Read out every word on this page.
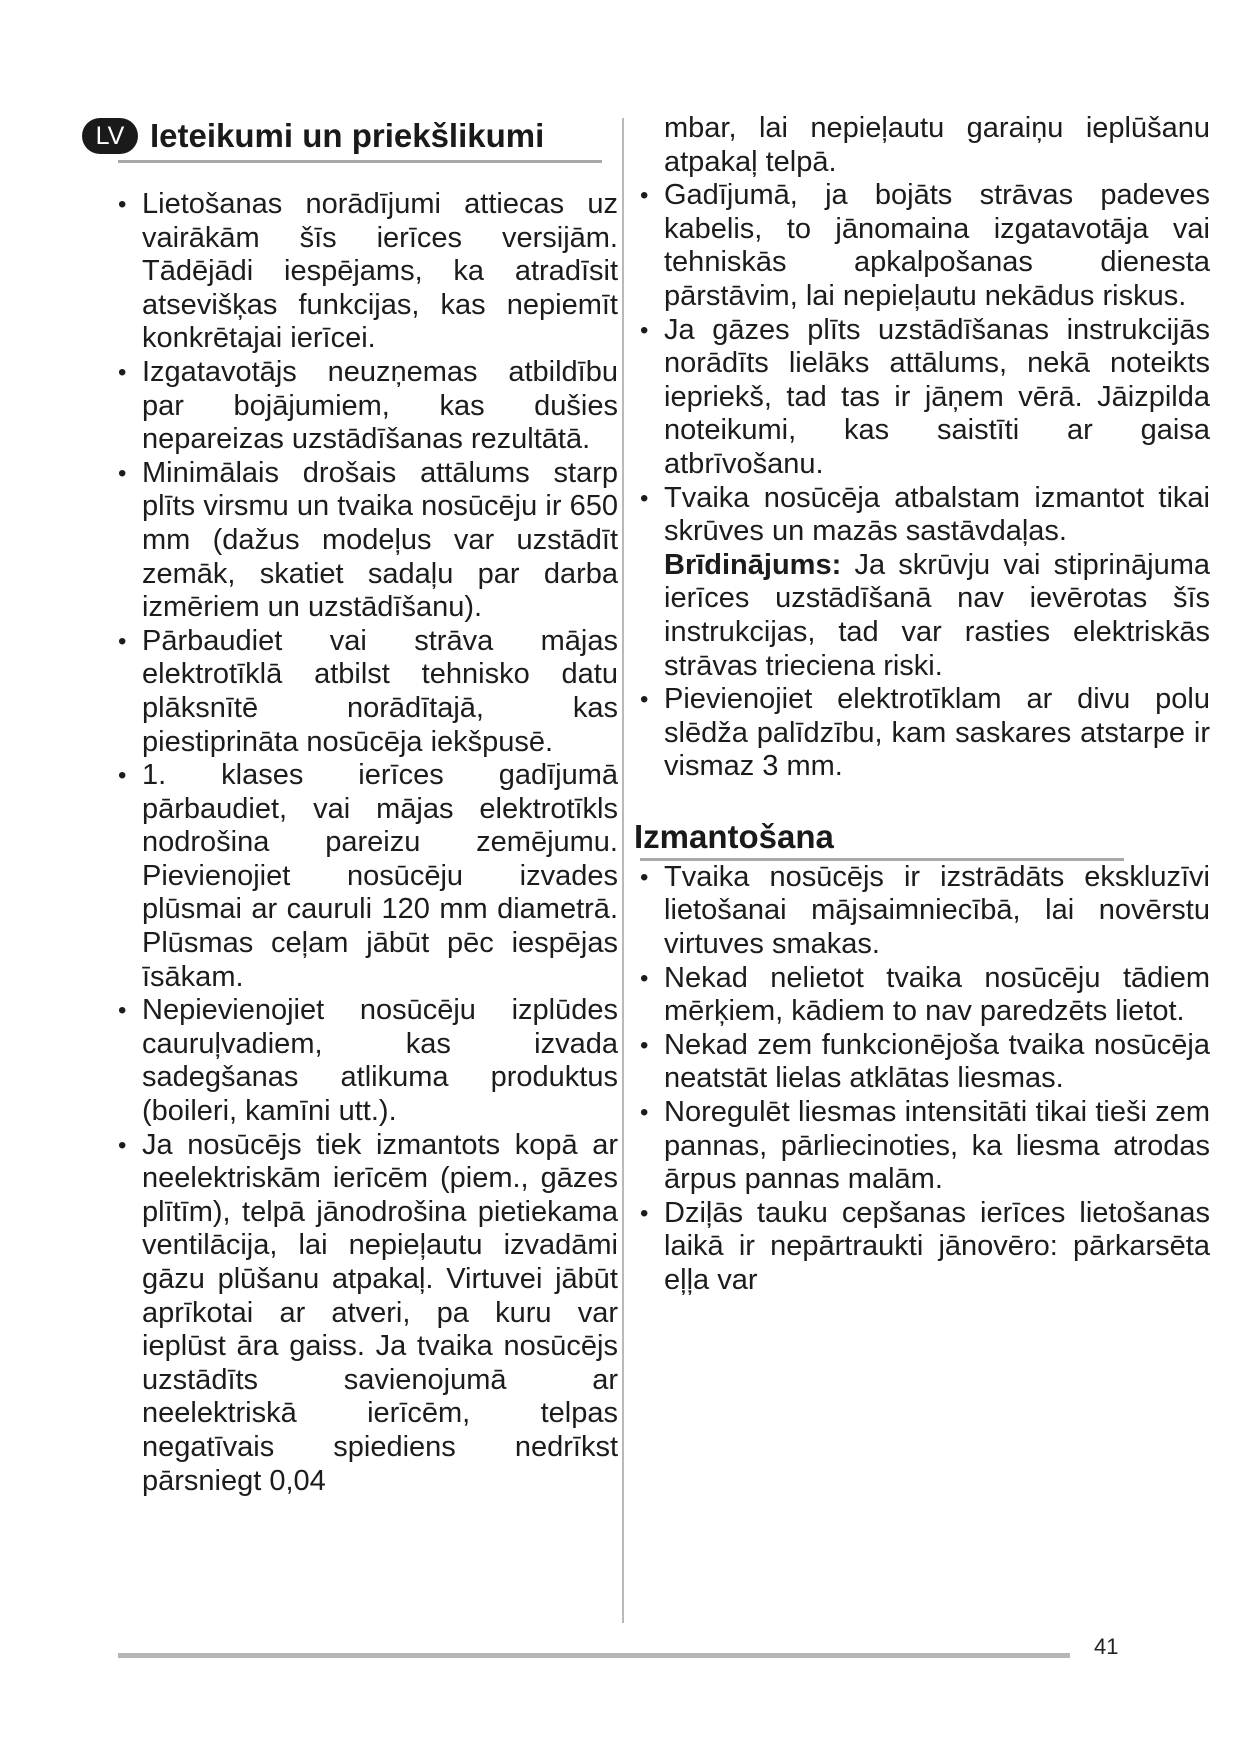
LV Ieteikumi un priekšlikumi
• Lietošanas norādījumi attiecas uz vairākām šīs ierīces versijām. Tādējādi iespējams, ka atradīsit atsevišķas funkcijas, kas nepiemīt konkrētajai ierīcei.
• Izgatavotājs neuzņemas atbildību par bojājumiem, kas dušies nepareizas uzstādīšanas rezultātā.
• Minimālais drošais attālums starp plīts virsmu un tvaika nosūcēju ir 650 mm (dažus modeļus var uzstādīt zemāk, skatiet sadaļu par darba izmēriem un uzstādīšanu).
• Pārbaudiet vai strāva mājas elektrotīklā atbilst tehnisko datu plāksnītē norādītajā, kas piestiprināta nosūcēja iekšpusē.
• 1. klases ierīces gadījumā pārbaudiet, vai mājas elektrotīkls nodrošina pareizu zemējumu. Pievienojiet nosūcēju izvades plūsmai ar cauruli 120 mm diametrā. Plūsmas ceļam jābūt pēc iespējas īsākam.
• Nepievienojiet nosūcēju izplūdes cauruļvadiem, kas izvada sadegšanas atlikuma produktus (boileri, kamīni utt.).
• Ja nosūcējs tiek izmantots kopā ar neelektriskām ierīcēm (piem., gāzes plītīm), telpā jānodrošina pietiekama ventilācija, lai nepieļautu izvadāmi gāzu plūšanu atpakaļ. Virtuvei jābūt aprīkotai ar atveri, pa kuru var ieplūst āra gaiss. Ja tvaika nosūcējs uzstādīts savienojumā ar neelektriskā ierīcēm, telpas negatīvais spiediens nedrīkst pārsniegt 0,04

mbar, lai nepieļautu garaiņu ieplūšanu atpakaļ telpā.

• Gadījumā, ja bojāts strāvas padeves kabelis, to jānomaina izgatavotāja vai tehniskās apkalpošanas dienesta pārstāvim, lai nepieļautu nekādus riskus.
• Ja gāzes plīts uzstādīšanas instrukcijās norādīts lielāks attālums, nekā noteikts iepriekš, tad tas ir jāņem vērā. Jāizpilda noteikumi, kas saistīti ar gaisa atbrīvošanu.
• Tvaika nosūcēja atbalstam izmantot tikai skrūves un mazās sastāvdaļas.

Brīdinājums: Ja skrūvju vai stiprinājuma ierīces uzstādīšanā nav ievērotas šīs instrukcijas, tad var rasties elektriskās strāvas trieciena riski.

• Pievienojiet elektrotīklam ar divu polu slēdža palīdzību, kam saskares atstarpe ir vismaz 3 mm.
Izmantošana
• Tvaika nosūcējs ir izstrādāts ekskluzīvi lietošanai mājsaimniecībā, lai novērstu virtuves smakas.
• Nekad nelietot tvaika nosūcēju tādiem mērķiem, kādiem to nav paredzēts lietot.
• Nekad zem funkcionējoša tvaika nosūcēja neatstāt lielas atklātas liesmas.
• Noregulēt liesmas intensitāti tikai tieši zem pannas, pārliecinoties, ka liesma atrodas ārpus pannas malām.
• Dziļās tauku cepšanas ierīces lietošanas laikā ir nepārtraukti jānovēro: pārkarsēta eļļa var
41
